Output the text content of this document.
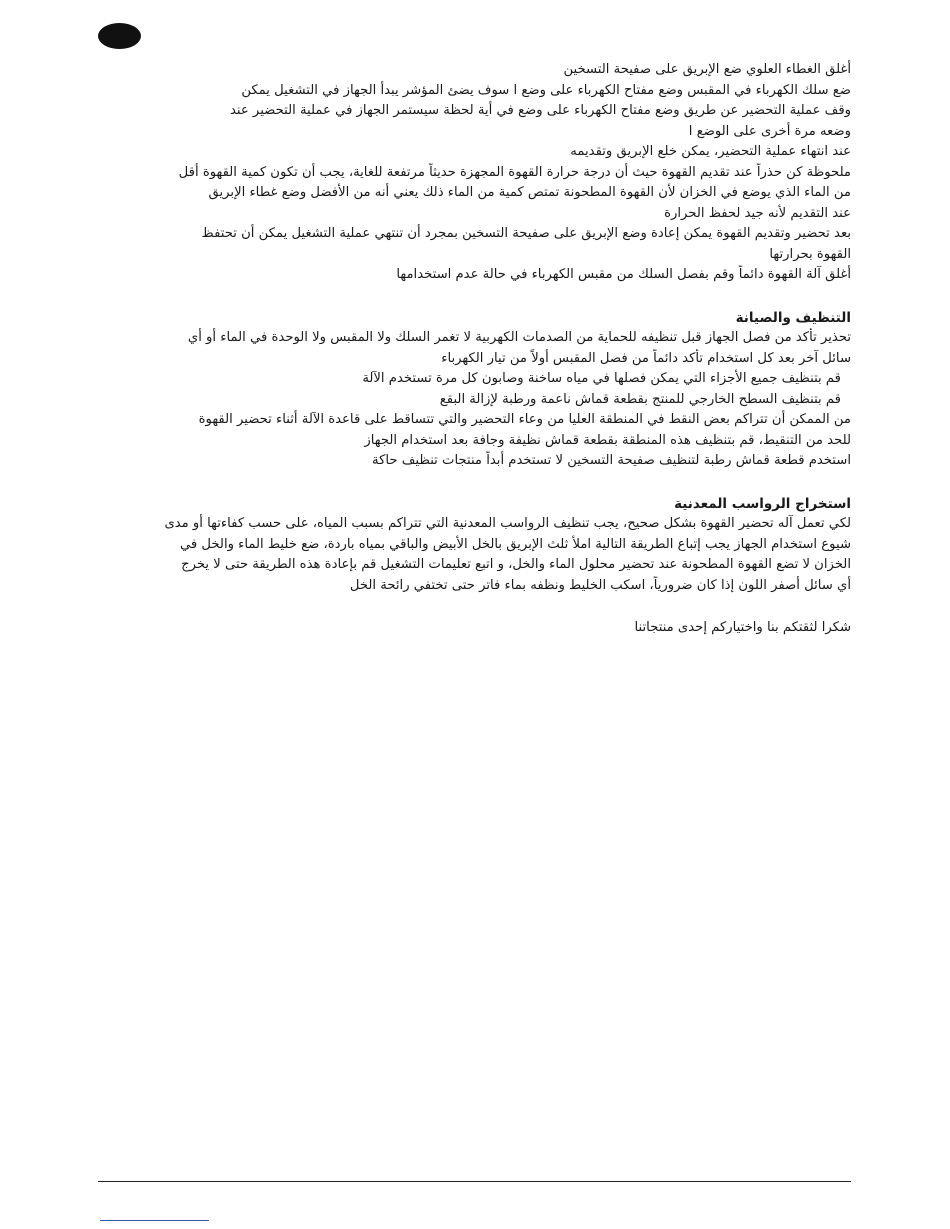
أغلق الغطاء العلوي ضع الإبريق على صفيحة التسخين
ضع سلك الكهرباء في المقبس وضع مفتاح الكهرباء على وضع ا سوف يضئ المؤشر يبدأ الجهاز في التشغيل يمكن
وقف عملية التحضير عن طريق وضع مفتاح الكهرباء على وضع في أية لحظة سيستمر الجهاز في عملية التحضير عند
وضعه مرة أخرى على الوضع ا
عند انتهاء عملية التحضير، يمكن خلع الإبريق وتقديمه
ملحوظة كن حذراً عند تقديم القهوة حيث أن درجة حرارة القهوة المجهزة حديثاً مرتفعة للغاية، يجب أن تكون كمية القهوة أقل
من الماء الذي يوضع في الخزان لأن القهوة المطحونة تمتص كمية من الماء ذلك يعني أنه من الأفضل وضع غطاء الإبريق
عند التقديم لأنه جيد لحفظ الحرارة
بعد تحضير وتقديم القهوة يمكن إعادة وضع الإبريق على صفيحة التسخين بمجرد أن تنتهي عملية التشغيل يمكن أن تحتفظ
القهوة بحرارتها
أغلق آلة القهوة دائماً وقم بفصل السلك من مقبس الكهرباء في حالة عدم استخدامها
التنظيف والصيانة
تحذير تأكد من فصل الجهاز قبل تنظيفه للحماية من الصدمات الكهربية لا تغمر السلك ولا المقبس ولا الوحدة في الماء أو أي
سائل آخر بعد كل استخدام تأكد دائماً من فصل المقبس أولاً من تيار الكهرباء
قم بتنظيف جميع الأجزاء التي يمكن فصلها في مياه ساخنة وصابون كل مرة تستخدم الآلة
قم بتنظيف السطح الخارجي للمنتج بقطعة قماش ناعمة ورطبة لإزالة البقع
من الممكن أن تتراكم بعض النقط في المنطقة العليا من وعاء التحضير والتي تتساقط على قاعدة الآلة أثناء تحضير القهوة
للحد من التنقيط، قم بتنظيف هذه المنطقة بقطعة قماش نظيفة وجافة بعد استخدام الجهاز
استخدم قطعة قماش رطبة لتنظيف صفيحة التسخين لا تستخدم أبداً منتجات تنظيف حاكة
استخراج الرواسب المعدنية
لكي تعمل آله تحضير القهوة بشكل صحيح، يجب تنظيف الرواسب المعدنية التي تتراكم بسبب المياه، على حسب كفاءتها أو مدى
شيوع استخدام الجهاز يجب إتباع الطريقة التالية املأ ثلث الإبريق بالخل الأبيض والباقي بمياه باردة، ضع خليط الماء والخل في
الخزان لا تضع القهوة المطحونة عند تحضير محلول الماء والخل، و اتبع تعليمات التشغيل قم بإعادة هذه الطريقة حتى لا يخرج
أي سائل أصفر اللون إذا كان ضرورياً، اسكب الخليط ونظفه بماء فاتر حتى تختفي رائحة الخل
شكرا لثقتكم بنا واختياركم إحدى منتجاتنا
